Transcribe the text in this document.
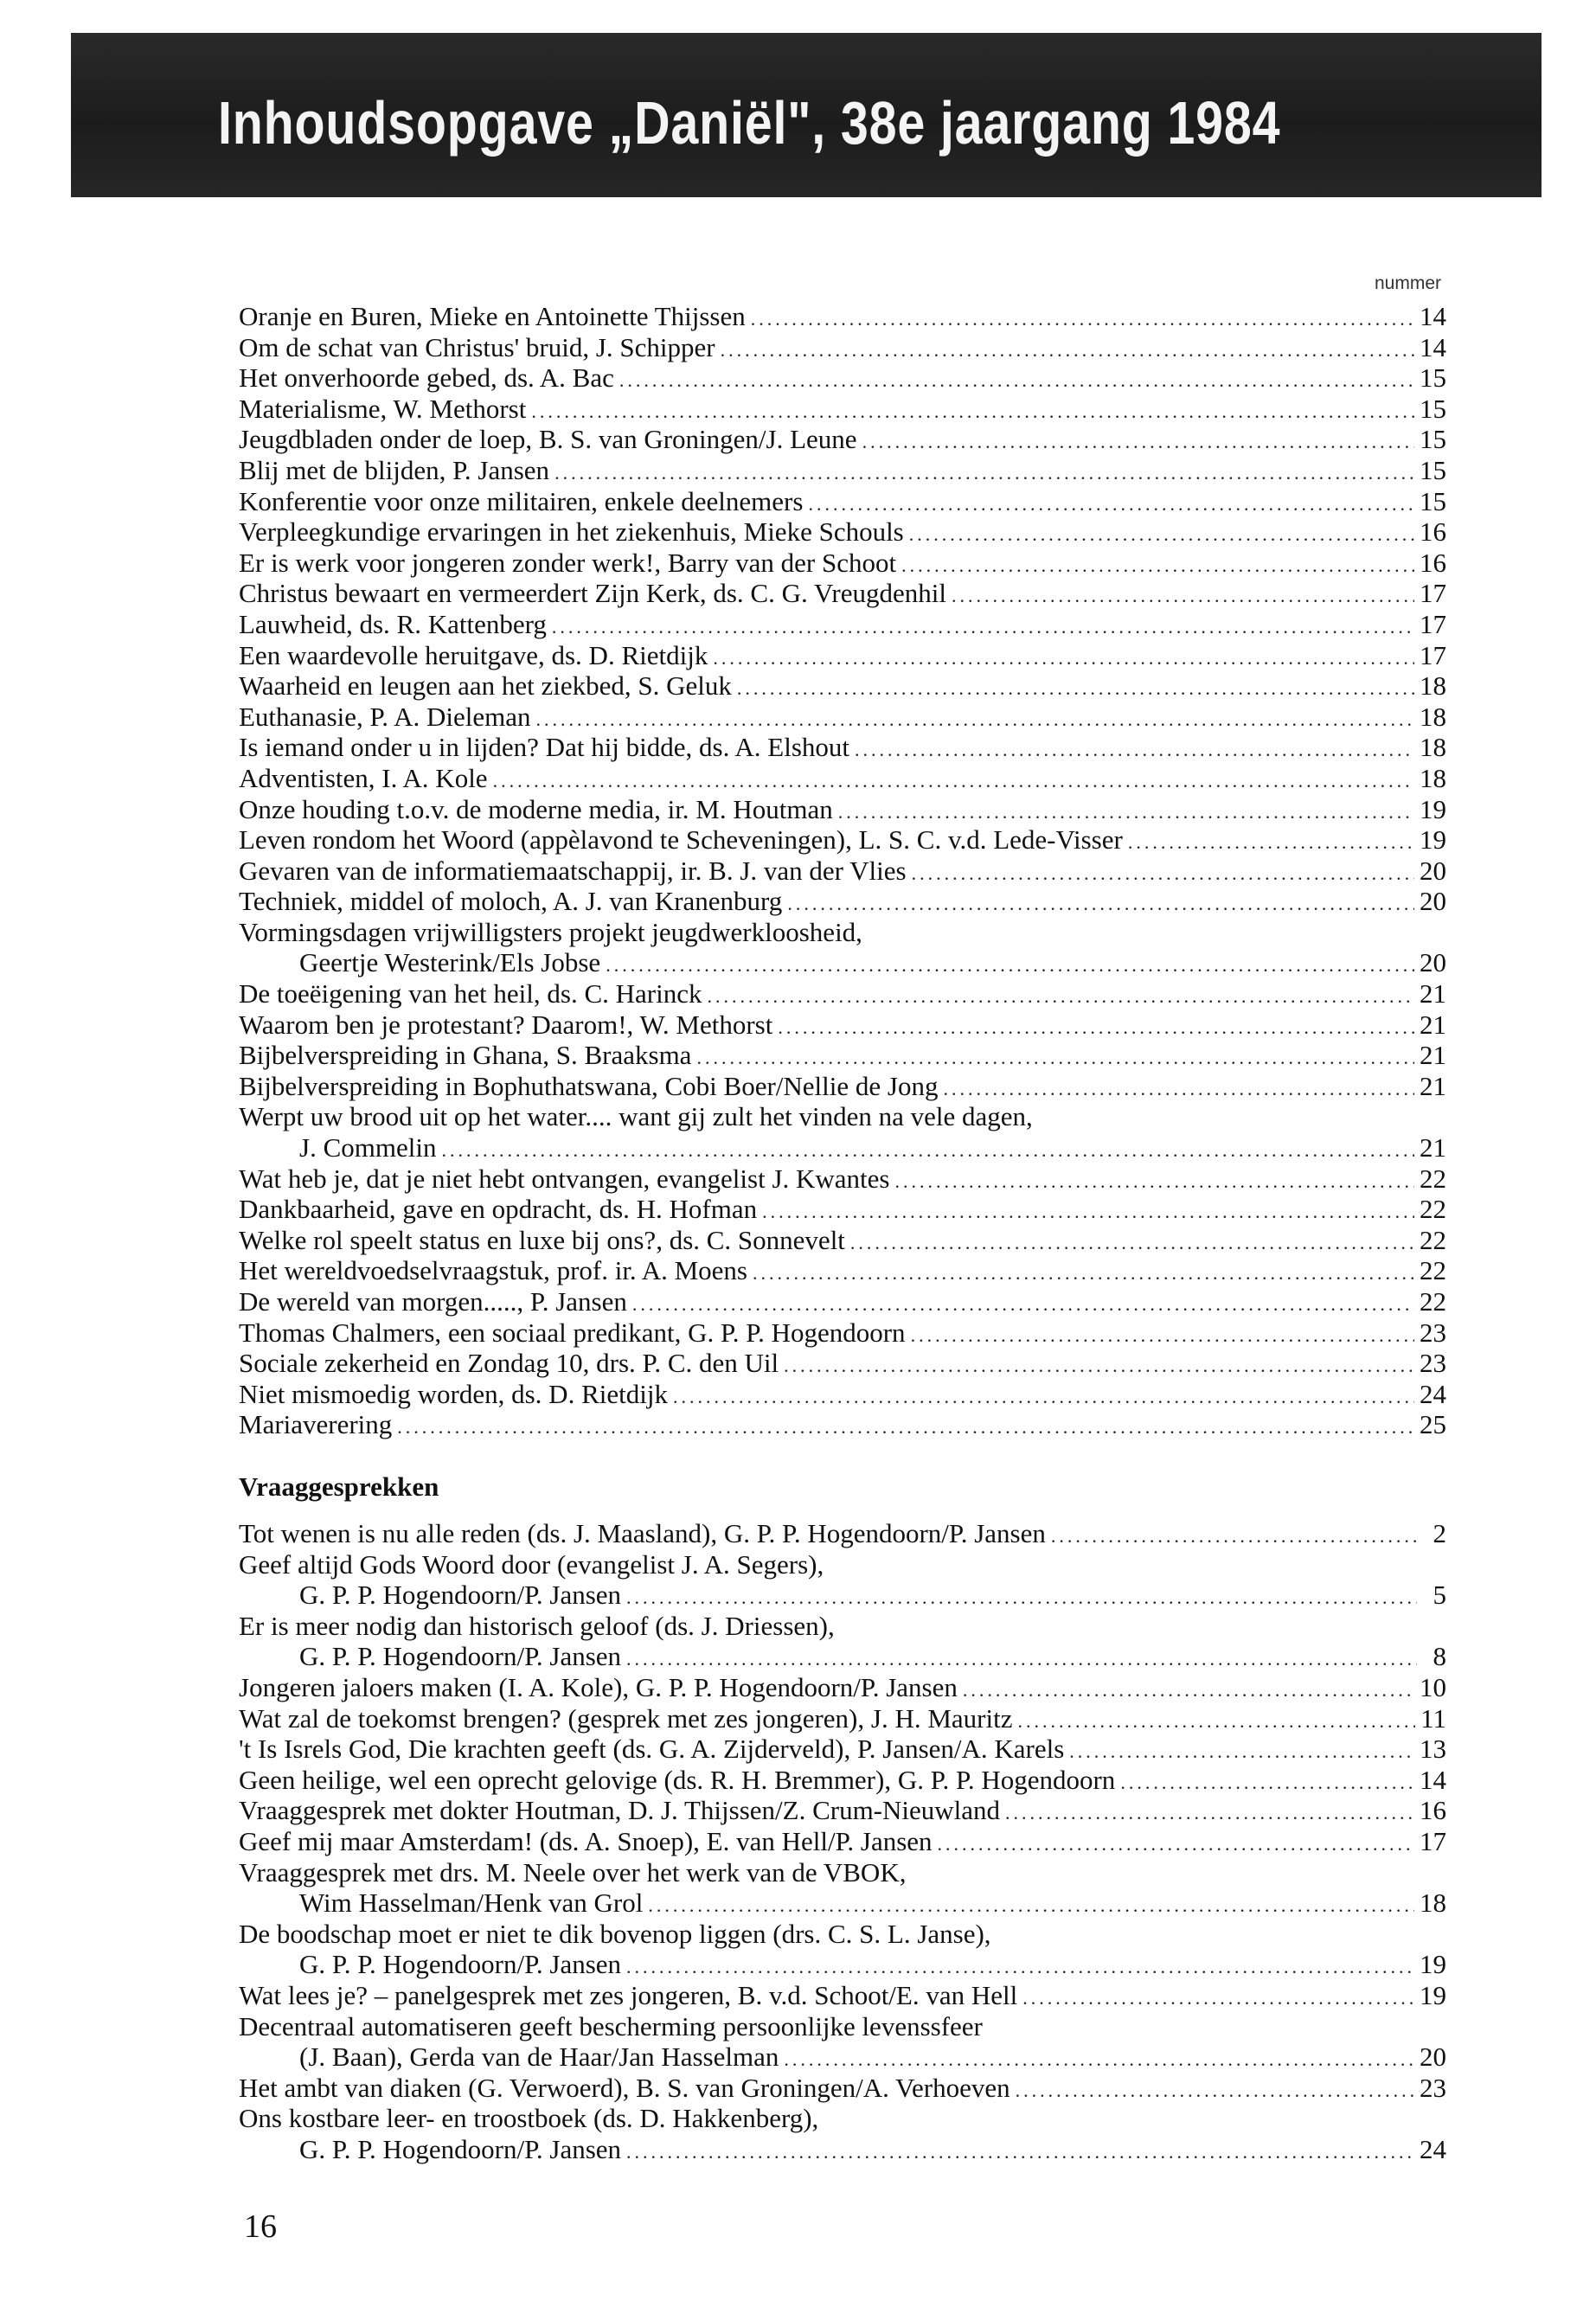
Inhoudsopgave „Daniël", 38e jaargang 1984
nummer
Oranje en Buren, Mieke en Antoinette Thijssen .....	14
Om de schat van Christus' bruid, J. Schipper .....	14
Het onverhoorde gebed, ds. A. Bac .....	15
Materialisme, W. Methorst .....	15
Jeugdbladen onder de loep, B. S. van Groningen/J. Leune .....	15
Blij met de blijden, P. Jansen .....	15
Konferentie voor onze militairen, enkele deelnemers .....	15
Verpleegkundige ervaringen in het ziekenhuis, Mieke Schouls .....	16
Er is werk voor jongeren zonder werk!, Barry van der Schoot .....	16
Christus bewaart en vermeerdert Zijn Kerk, ds. C. G. Vreugdenhil .....	17
Lauwheid, ds. R. Kattenberg .....	17
Een waardevolle heruitgave, ds. D. Rietdijk .....	17
Waarheid en leugen aan het ziekbed, S. Geluk .....	18
Euthanasie, P. A. Dieleman .....	18
Is iemand onder u in lijden? Dat hij bidde, ds. A. Elshout .....	18
Adventisten, I. A. Kole .....	18
Onze houding t.o.v. de moderne media, ir. M. Houtman .....	19
Leven rondom het Woord (appèlavond te Scheveningen), L. S. C. v.d. Lede-Visser .....	19
Gevaren van de informatiemaatschappij, ir. B. J. van der Vlies .....	20
Techniek, middel of moloch, A. J. van Kranenburg .....	20
Vormingsdagen vrijwilligsters projekt jeugdwerkloosheid,
Geertje Westerink/Els Jobse .....	20
De toeëigening van het heil, ds. C. Harinck .....	21
Waarom ben je protestant? Daarom!, W. Methorst .....	21
Bijbelverspreiding in Ghana, S. Braaksma .....	21
Bijbelverspreiding in Bophuthatswana, Cobi Boer/Nellie de Jong .....	21
Werpt uw brood uit op het water.... want gij zult het vinden na vele dagen,
J. Commelin .....	21
Wat heb je, dat je niet hebt ontvangen, evangelist J. Kwantes .....	22
Dankbaarheid, gave en opdracht, ds. H. Hofman .....	22
Welke rol speelt status en luxe bij ons?, ds. C. Sonnevelt .....	22
Het wereldvoedselvraagstuk, prof. ir. A. Moens .....	22
De wereld van morgen....., P. Jansen .....	22
Thomas Chalmers, een sociaal predikant, G. P. P. Hogendoorn .....	23
Sociale zekerheid en Zondag 10, drs. P. C. den Uil .....	23
Niet mismoedig worden, ds. D. Rietdijk .....	24
Mariaverering .....	25
Vraaggesprekken
Tot wenen is nu alle reden (ds. J. Maasland), G. P. P. Hogendoorn/P. Jansen .....	2
Geef altijd Gods Woord door (evangelist J. A. Segers),
G. P. P. Hogendoorn/P. Jansen .....	5
Er is meer nodig dan historisch geloof (ds. J. Driessen),
G. P. P. Hogendoorn/P. Jansen .....	8
Jongeren jaloers maken (I. A. Kole), G. P. P. Hogendoorn/P. Jansen .....	10
Wat zal de toekomst brengen? (gesprek met zes jongeren), J. H. Mauritz .....	11
't Is Isrels God, Die krachten geeft (ds. G. A. Zijderveld), P. Jansen/A. Karels .....	13
Geen heilige, wel een oprecht gelovige (ds. R. H. Bremmer), G. P. P. Hogendoorn .....	14
Vraaggesprek met dokter Houtman, D. J. Thijssen/Z. Crum-Nieuwland .....	16
Geef mij maar Amsterdam! (ds. A. Snoep), E. van Hell/P. Jansen .....	17
Vraaggesprek met drs. M. Neele over het werk van de VBOK,
Wim Hasselman/Henk van Grol .....	18
De boodschap moet er niet te dik bovenop liggen (drs. C. S. L. Janse),
G. P. P. Hogendoorn/P. Jansen .....	19
Wat lees je? – panelgesprek met zes jongeren, B. v.d. Schoot/E. van Hell .....	19
Decentraal automatiseren geeft bescherming persoonlijke levenssfeer
(J. Baan), Gerda van de Haar/Jan Hasselman .....	20
Het ambt van diaken (G. Verwoerd), B. S. van Groningen/A. Verhoeven .....	23
Ons kostbare leer- en troostboek (ds. D. Hakkenberg),
G. P. P. Hogendoorn/P. Jansen .....	24
16
